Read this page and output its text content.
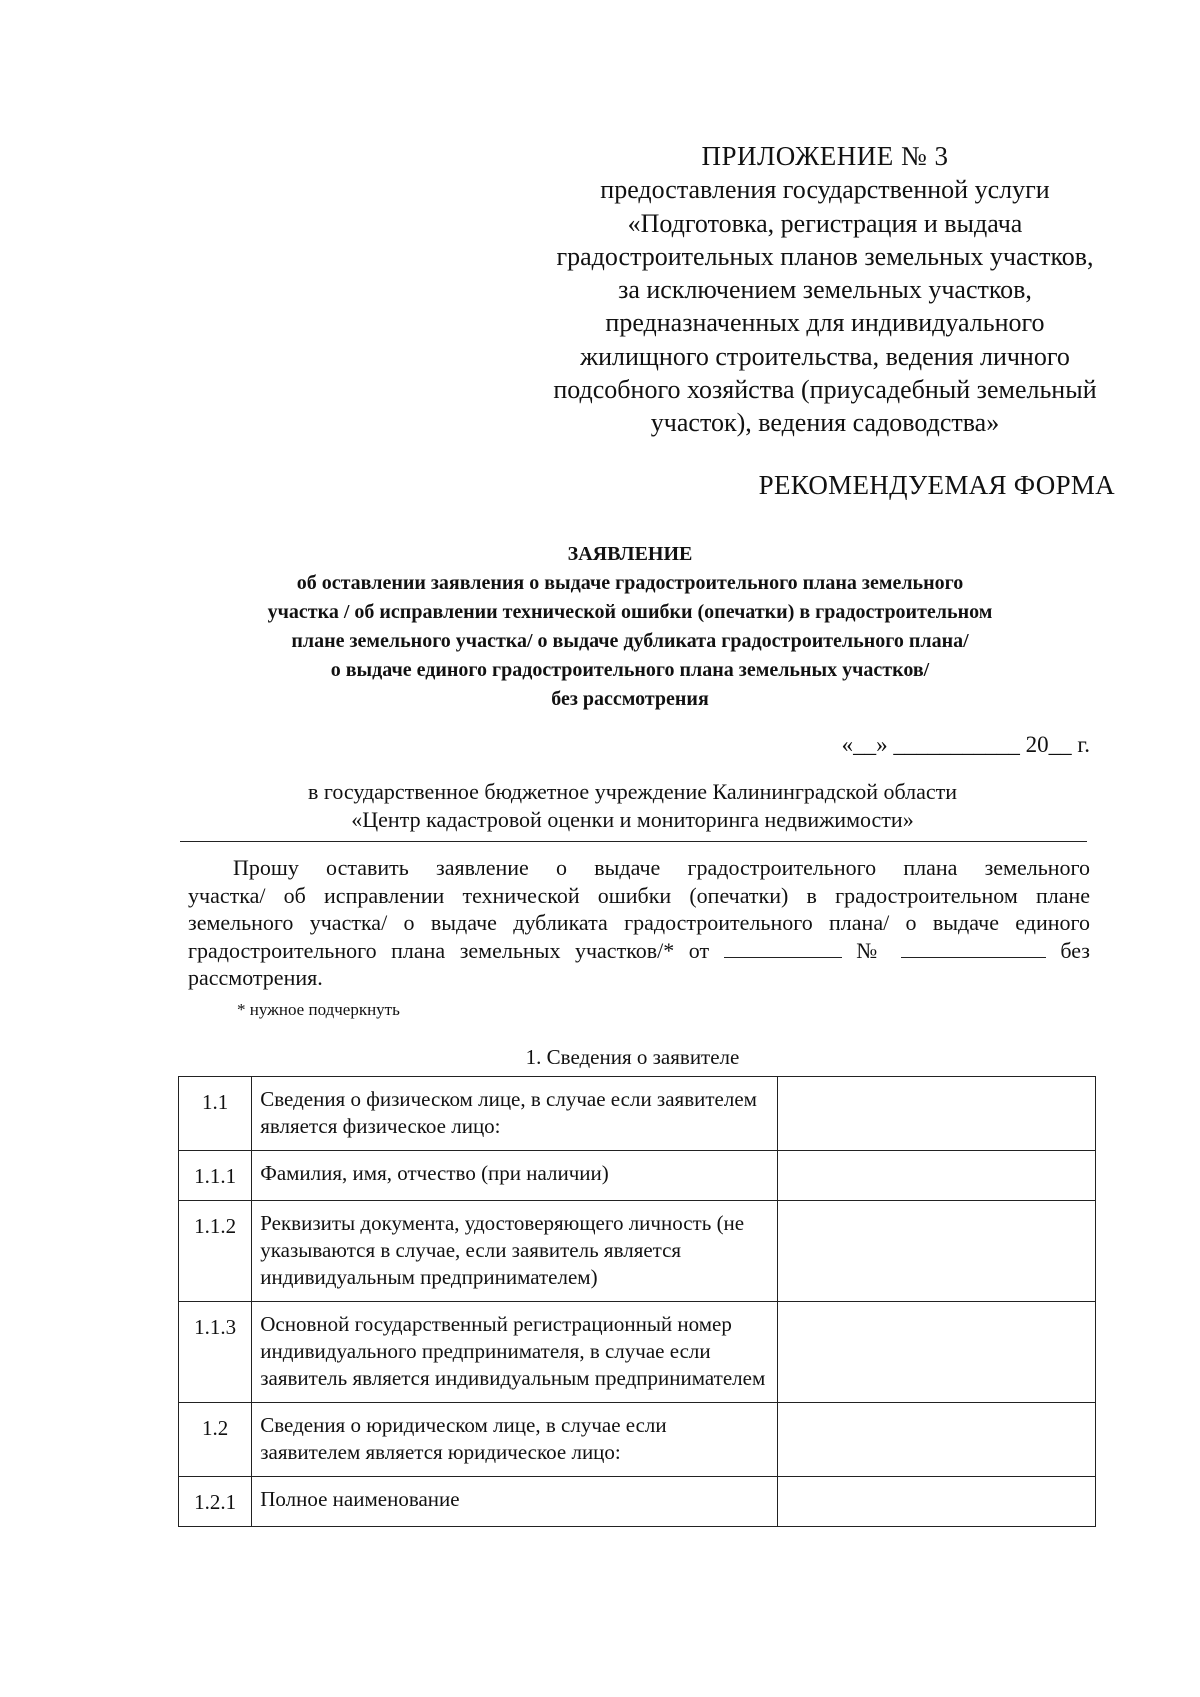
ПРИЛОЖЕНИЕ № 3
предоставления государственной услуги
«Подготовка, регистрация и выдача
градостроительных планов земельных участков,
за исключением земельных участков,
предназначенных для индивидуального
жилищного строительства, ведения личного
подсобного хозяйства (приусадебный земельный
участок), ведения садоводства»
РЕКОМЕНДУЕМАЯ ФОРМА
ЗАЯВЛЕНИЕ
об оставлении заявления о выдаче градостроительного плана земельного
участка / об исправлении технической ошибки (опечатки) в градостроительном
плане земельного участка/ о выдаче дубликата градостроительного плана/
о выдаче единого градостроительного плана земельных участков/
без рассмотрения
«__» ___________ 20__ г.
в государственное бюджетное учреждение Калининградской области
«Центр кадастровой оценки и мониторинга недвижимости»
Прошу оставить заявление о выдаче градостроительного плана земельного
участка/ об исправлении технической ошибки (опечатки) в градостроительном плане
земельного участка/ о выдаче дубликата градостроительного плана/ о выдаче единого
градостроительного плана земельных участков/* от	№	без
рассмотрения.
* нужное подчеркнуть
1. Сведения о заявителе
1.1	Сведения о физическом лице, в случае если заявителем является физическое лицо:	
1.1.1	Фамилия, имя, отчество (при наличии)	
1.1.2	Реквизиты документа, удостоверяющего личность (не указываются в случае, если заявитель является индивидуальным предпринимателем)	
1.1.3	Основной государственный регистрационный номер индивидуального предпринимателя, в случае если заявитель является индивидуальным предпринимателем	
1.2	Сведения о юридическом лице, в случае если заявителем является юридическое лицо:	
1.2.1	Полное наименование	
